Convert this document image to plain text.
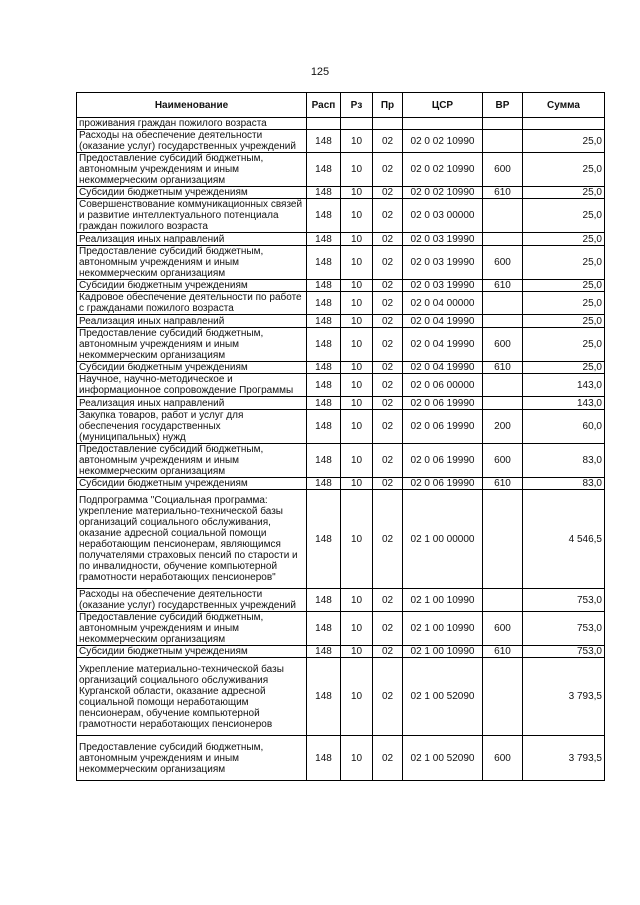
125
Наименование	Расп	Рз	Пр	ЦСР	ВР	Сумма
проживания граждан пожилого возраста						
Расходы на обеспечение деятельности (оказание услуг) государственных учреждений	148	10	02	02 0 02 10990		25,0
Предоставление субсидий бюджетным, автономным учреждениям и иным некоммерческим организациям	148	10	02	02 0 02 10990	600	25,0
Субсидии бюджетным учреждениям	148	10	02	02 0 02 10990	610	25,0
Совершенствование коммуникационных связей и развитие интеллектуального потенциала граждан пожилого возраста	148	10	02	02 0 03 00000		25,0
Реализация иных направлений	148	10	02	02 0 03 19990		25,0
Предоставление субсидий бюджетным, автономным учреждениям и иным некоммерческим организациям	148	10	02	02 0 03 19990	600	25,0
Субсидии бюджетным учреждениям	148	10	02	02 0 03 19990	610	25,0
Кадровое обеспечение деятельности по работе с гражданами пожилого возраста	148	10	02	02 0 04 00000		25,0
Реализация иных направлений	148	10	02	02 0 04 19990		25,0
Предоставление субсидий бюджетным, автономным учреждениям и иным некоммерческим организациям	148	10	02	02 0 04 19990	600	25,0
Субсидии бюджетным учреждениям	148	10	02	02 0 04 19990	610	25,0
Научное, научно-методическое и информационное сопровождение Программы	148	10	02	02 0 06 00000		143,0
Реализация иных направлений	148	10	02	02 0 06 19990		143,0
Закупка товаров, работ и услуг для обеспечения государственных (муниципальных) нужд	148	10	02	02 0 06 19990	200	60,0
Предоставление субсидий бюджетным, автономным учреждениям и иным некоммерческим организациям	148	10	02	02 0 06 19990	600	83,0
Субсидии бюджетным учреждениям	148	10	02	02 0 06 19990	610	83,0
Подпрограмма "Социальная программа: укрепление материально-технической базы организаций социального обслуживания, оказание адресной социальной помощи неработающим пенсионерам, являющимся получателями страховых пенсий по старости и по инвалидности, обучение компьютерной грамотности неработающих пенсионеров"	148	10	02	02 1 00 00000		4 546,5
Расходы на обеспечение деятельности (оказание услуг) государственных учреждений	148	10	02	02 1 00 10990		753,0
Предоставление субсидий бюджетным, автономным учреждениям и иным некоммерческим организациям	148	10	02	02 1 00 10990	600	753,0
Субсидии бюджетным учреждениям	148	10	02	02 1 00 10990	610	753,0
Укрепление материально-технической базы организаций социального обслуживания Курганской области, оказание адресной социальной помощи неработающим пенсионерам, обучение компьютерной грамотности неработающих пенсионеров	148	10	02	02 1 00 52090		3 793,5
Предоставление субсидий бюджетным, автономным учреждениям и иным некоммерческим организациям	148	10	02	02 1 00 52090	600	3 793,5
